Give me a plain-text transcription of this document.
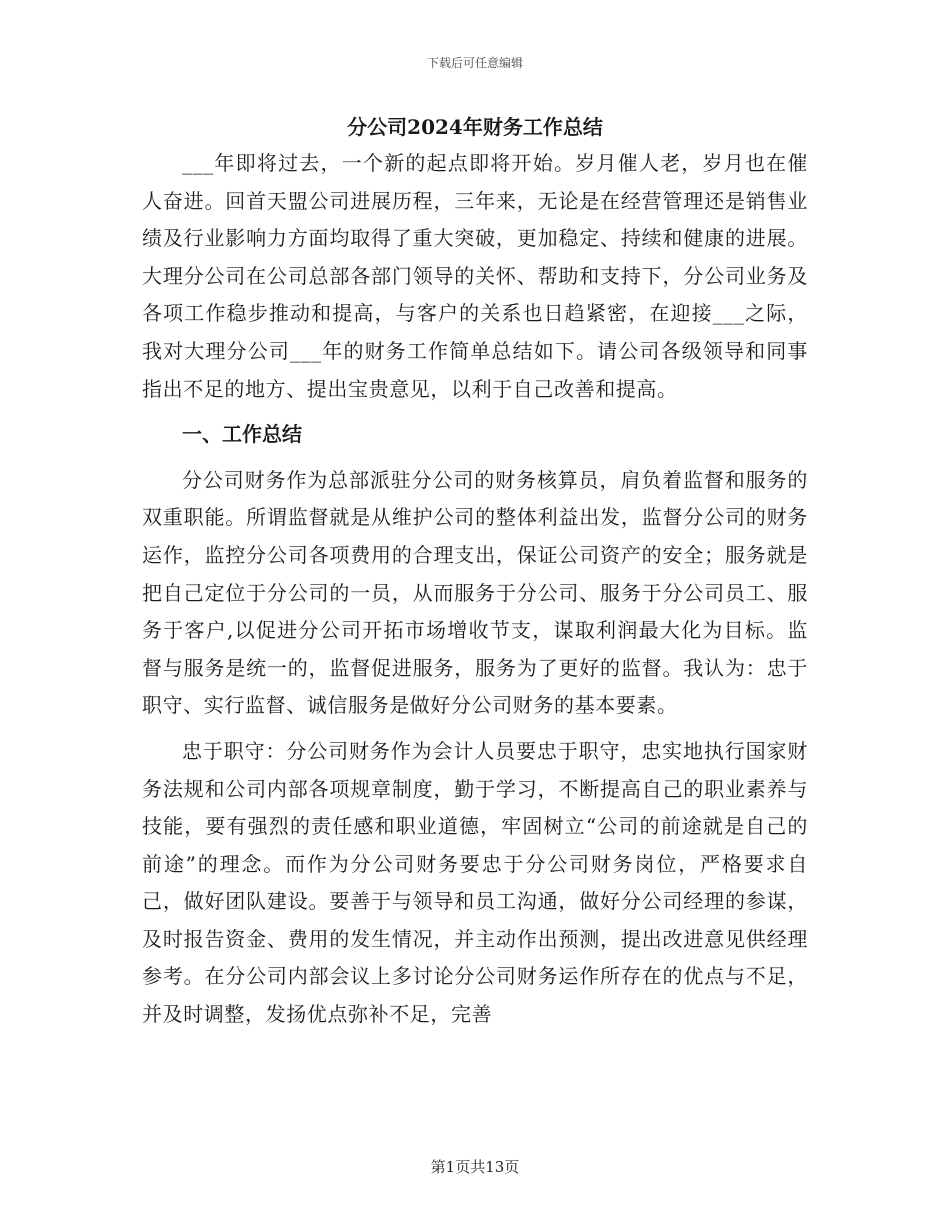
下载后可任意编辑
分公司2024年财务工作总结

___年即将过去，一个新的起点即将开始。岁月催人老，岁月也在催人奋进。回首天盟公司进展历程，三年来，无论是在经营管理还是销售业绩及行业影响力方面均取得了重大突破，更加稳定、持续和健康的进展。大理分公司在公司总部各部门领导的关怀、帮助和支持下，分公司业务及各项工作稳步推动和提高，与客户的关系也日趋紧密，在迎接___之际，我对大理分公司___年的财务工作简单总结如下。请公司各级领导和同事指出不足的地方、提出宝贵意见，以利于自己改善和提高。

一、工作总结

分公司财务作为总部派驻分公司的财务核算员，肩负着监督和服务的双重职能。所谓监督就是从维护公司的整体利益出发，监督分公司的财务运作，监控分公司各项费用的合理支出，保证公司资产的安全；服务就是把自己定位于分公司的一员，从而服务于分公司、服务于分公司员工、服务于客户,以促进分公司开拓市场增收节支，谋取利润最大化为目标。监督与服务是统一的，监督促进服务，服务为了更好的监督。我认为：忠于职守、实行监督、诚信服务是做好分公司财务的基本要素。

忠于职守：分公司财务作为会计人员要忠于职守，忠实地执行国家财务法规和公司内部各项规章制度，勤于学习，不断提高自己的职业素养与技能，要有强烈的责任感和职业道德，牢固树立“公司的前途就是自己的前途”的理念。而作为分公司财务要忠于分公司财务岗位，严格要求自己，做好团队建设。要善于与领导和员工沟通，做好分公司经理的参谋，及时报告资金、费用的发生情况，并主动作出预测，提出改进意见供经理参考。在分公司内部会议上多讨论分公司财务运作所存在的优点与不足，并及时调整，发扬优点弥补不足，完善

第1页共13页
